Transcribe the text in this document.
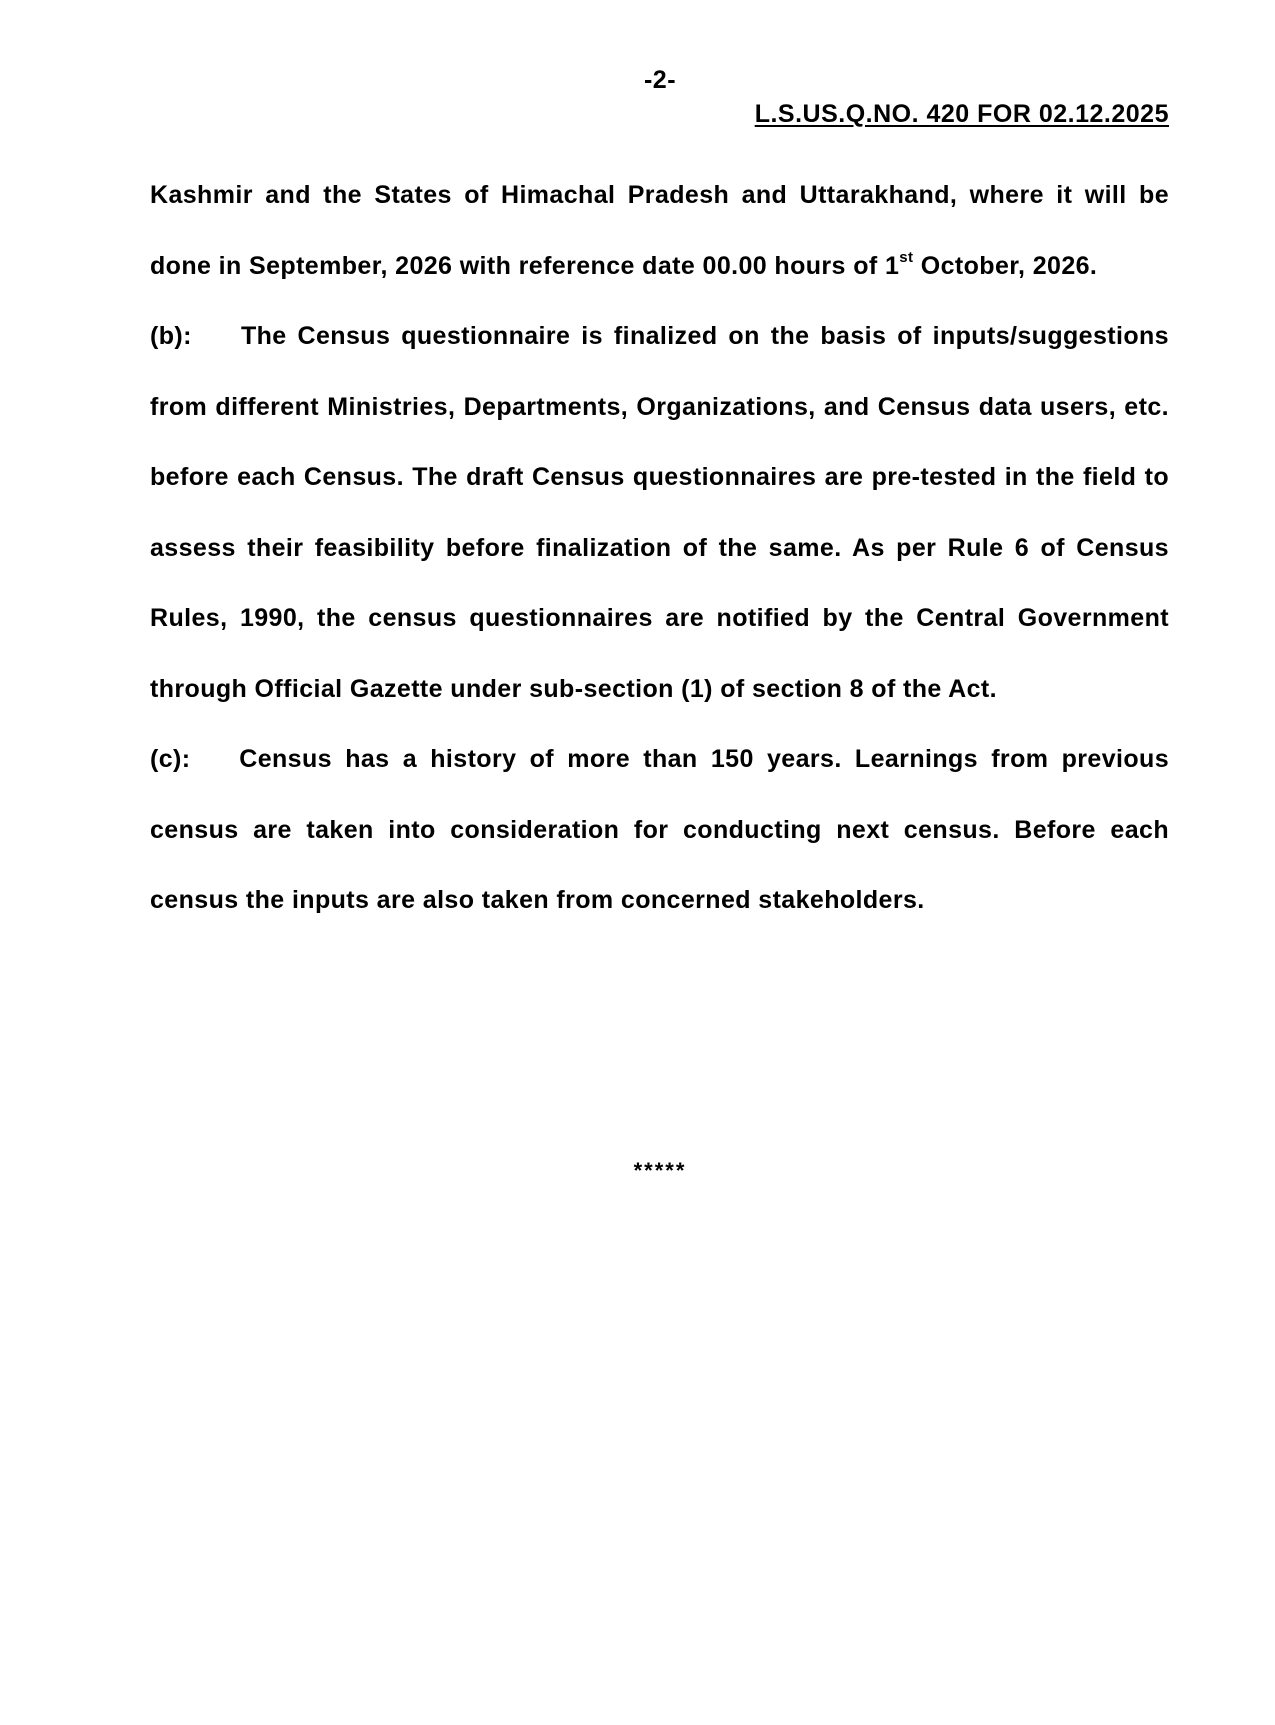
-2-
L.S.US.Q.NO. 420 FOR 02.12.2025

Kashmir and the States of Himachal Pradesh and Uttarakhand, where it will be done in September, 2026 with reference date 00.00 hours of 1st October, 2026.

(b): The Census questionnaire is finalized on the basis of inputs/suggestions from different Ministries, Departments, Organizations, and Census data users, etc. before each Census. The draft Census questionnaires are pre-tested in the field to assess their feasibility before finalization of the same. As per Rule 6 of Census Rules, 1990, the census questionnaires are notified by the Central Government through Official Gazette under sub-section (1) of section 8 of the Act.

(c): Census has a history of more than 150 years. Learnings from previous census are taken into consideration for conducting next census. Before each census the inputs are also taken from concerned stakeholders.

*****
